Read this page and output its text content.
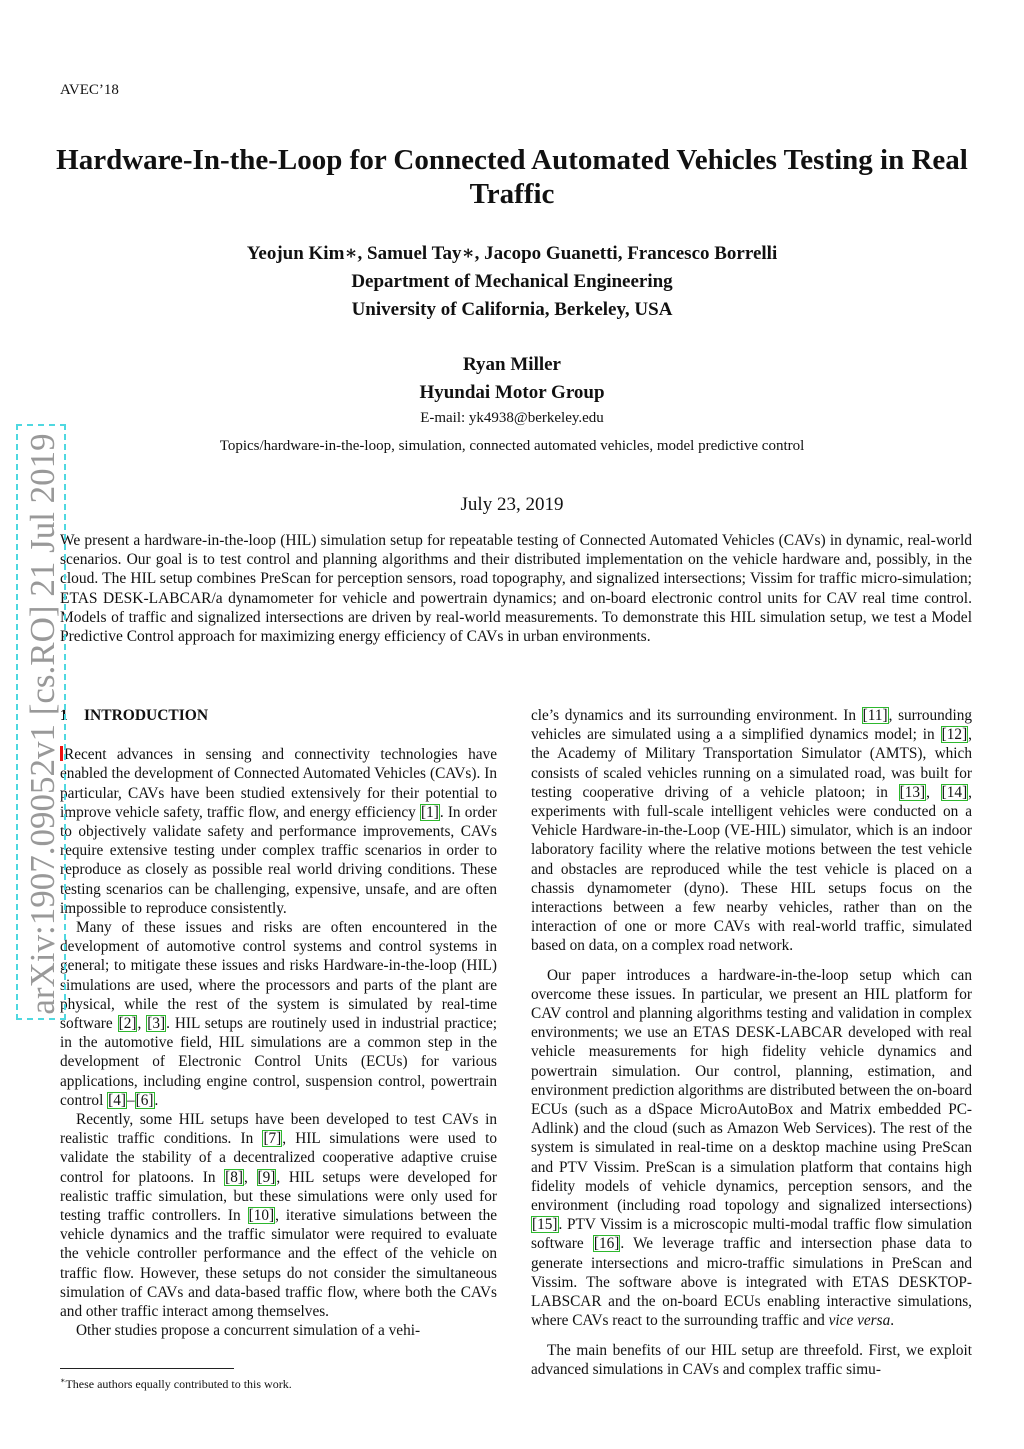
AVEC’18
Hardware-In-the-Loop for Connected Automated Vehicles Testing in Real Traffic
Yeojun Kim∗, Samuel Tay∗, Jacopo Guanetti, Francesco Borrelli
Department of Mechanical Engineering
University of California, Berkeley, USA
Ryan Miller
Hyundai Motor Group
E-mail: yk4938@berkeley.edu
Topics/hardware-in-the-loop, simulation, connected automated vehicles, model predictive control
July 23, 2019
We present a hardware-in-the-loop (HIL) simulation setup for repeatable testing of Connected Automated Vehicles (CAVs) in dynamic, real-world scenarios. Our goal is to test control and planning algorithms and their distributed implementation on the vehicle hardware and, possibly, in the cloud. The HIL setup combines PreScan for perception sensors, road topography, and signalized intersections; Vissim for traffic micro-simulation; ETAS DESK-LABCAR/a dynamometer for vehicle and powertrain dynamics; and on-board electronic control units for CAV real time control. Models of traffic and signalized intersections are driven by real-world measurements. To demonstrate this HIL simulation setup, we test a Model Predictive Control approach for maximizing energy efficiency of CAVs in urban environments.

1 INTRODUCTION

Recent advances in sensing and connectivity technologies have enabled the development of Connected Automated Vehicles (CAVs). In particular, CAVs have been studied extensively for their potential to improve vehicle safety, traffic flow, and energy efficiency [1]. In order to objectively validate safety and performance improvements, CAVs require extensive testing under complex traffic scenarios in order to reproduce as closely as possible real world driving conditions. These testing scenarios can be challenging, expensive, unsafe, and are often impossible to reproduce consistently.

Many of these issues and risks are often encountered in the development of automotive control systems and control systems in general; to mitigate these issues and risks Hardware-in-the-loop (HIL) simulations are used, where the processors and parts of the plant are physical, while the rest of the system is simulated by real-time software [2], [3]. HIL setups are routinely used in industrial practice; in the automotive field, HIL simulations are a common step in the development of Electronic Control Units (ECUs) for various applications, including engine control, suspension control, powertrain control [4]–[6].

Recently, some HIL setups have been developed to test CAVs in realistic traffic conditions. In [7], HIL simulations were used to validate the stability of a decentralized cooperative adaptive cruise control for platoons. In [8], [9], HIL setups were developed for realistic traffic simulation, but these simulations were only used for testing traffic controllers. In [10], iterative simulations between the vehicle dynamics and the traffic simulator were required to evaluate the vehicle controller performance and the effect of the vehicle on traffic flow. However, these setups do not consider the simultaneous simulation of CAVs and data-based traffic flow, where both the CAVs and other traffic interact among themselves.

Other studies propose a concurrent simulation of a vehi-

cle’s dynamics and its surrounding environment. In [11], surrounding vehicles are simulated using a a simplified dynamics model; in [12], the Academy of Military Transportation Simulator (AMTS), which consists of scaled vehicles running on a simulated road, was built for testing cooperative driving of a vehicle platoon; in [13], [14], experiments with full-scale intelligent vehicles were conducted on a Vehicle Hardware-in-the-Loop (VE-HIL) simulator, which is an indoor laboratory facility where the relative motions between the test vehicle and obstacles are reproduced while the test vehicle is placed on a chassis dynamometer (dyno). These HIL setups focus on the interactions between a few nearby vehicles, rather than on the interaction of one or more CAVs with real-world traffic, simulated based on data, on a complex road network.

Our paper introduces a hardware-in-the-loop setup which can overcome these issues. In particular, we present an HIL platform for CAV control and planning algorithms testing and validation in complex environments; we use an ETAS DESK-LABCAR developed with real vehicle measurements for high fidelity vehicle dynamics and powertrain simulation. Our control, planning, estimation, and environment prediction algorithms are distributed between the on-board ECUs (such as a dSpace MicroAutoBox and Matrix embedded PC-Adlink) and the cloud (such as Amazon Web Services). The rest of the system is simulated in real-time on a desktop machine using PreScan and PTV Vissim. PreScan is a simulation platform that contains high fidelity models of vehicle dynamics, perception sensors, and the environment (including road topology and signalized intersections) [15]. PTV Vissim is a microscopic multi-modal traffic flow simulation software [16]. We leverage traffic and intersection phase data to generate intersections and micro-traffic simulations in PreScan and Vissim. The software above is integrated with ETAS DESKTOP-LABSCAR and the on-board ECUs enabling interactive simulations, where CAVs react to the surrounding traffic and vice versa.

The main benefits of our HIL setup are threefold. First, we exploit advanced simulations in CAVs and complex traffic simu-

∗These authors equally contributed to this work.
arXiv:1907.09052v1 [cs.RO] 21 Jul 2019
